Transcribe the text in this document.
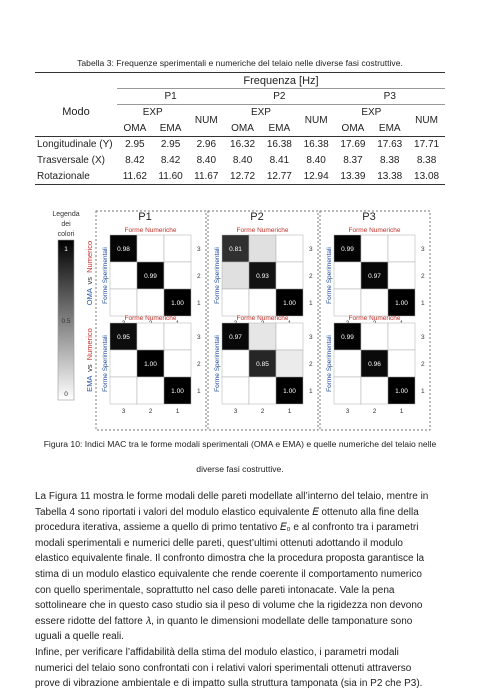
Tabella 3: Frequenze sperimentali e numeriche del telaio nelle diverse fasi costruttive.
	Frequenza [Hz]								
Modo	P1			P2			P3		
	EXP		NUM	EXP		NUM	EXP		NUM
	OMA	EMA		OMA	EMA		OMA	EMA	
Longitudinale (Y)	2.95	2.95	2.96	16.32	16.38	16.38	17.69	17.63	17.71
Trasversale (X)	8.42	8.42	8.40	8.40	8.41	8.40	8.37	8.38	8.38
Rotazionale	11.62	11.60	11.67	12.72	12.77	12.94	13.39	13.38	13.08
Legenda
dei
colori
1
0.5
0
OMA vs Numerico
EMA vs Numerico
P1
Forme Numeriche
Forme Sperimentali 0.98	3
0.99	2
1.00 1
Forme Numeriche
Forme Sperimentali 0.95	3
3
1.00	2
2
1.00 1
1
P2
Forme Numeriche
Forme Sperimentali 0.81	3
0.93	2
1.00 1
Forme Numeriche
Forme Sperimentali 0.97	3
3
0.85	2
2
1.00 1
1
P3
Forme Numeriche
Forme Sperimentali 0.99	3
0.97	2
1.00 1
Forme Numeriche
Forme Sperimentali 0.99	3
3
0.96	2
2
1.00 1
1
Figura 10: Indici MAC tra le forme modali sperimentali (OMA e EMA) e quelle numeriche del telaio nelle
diverse fasi costruttive.
La Figura 11 mostra le forme modali delle pareti modellate all’interno del telaio, mentre in
Tabella 4 sono riportati i valori del modulo elastico equivalente 𝐸 ottenuto alla fine della
procedura iterativa, assieme a quello di primo tentativo 𝐸₀ e al confronto tra i parametri
modali sperimentali e numerici delle pareti, quest’ultimi ottenuti adottando il modulo
elastico equivalente finale. Il confronto dimostra che la procedura proposta garantisce la
stima di un modulo elastico equivalente che rende coerente il comportamento numerico
con quello sperimentale, soprattutto nel caso delle pareti intonacate. Vale la pena
sottolineare che in questo caso studio sia il peso di volume che la rigidezza non devono
essere ridotte del fattore 𝜆, in quanto le dimensioni modellate delle tamponature sono
uguali a quelle reali.
Infine, per verificare l’affidabilità della stima del modulo elastico, i parametri modali
numerici del telaio sono confrontati con i relativi valori sperimentali ottenuti attraverso
prove di vibrazione ambientale e di impatto sulla struttura tamponata (sia in P2 che P3).
